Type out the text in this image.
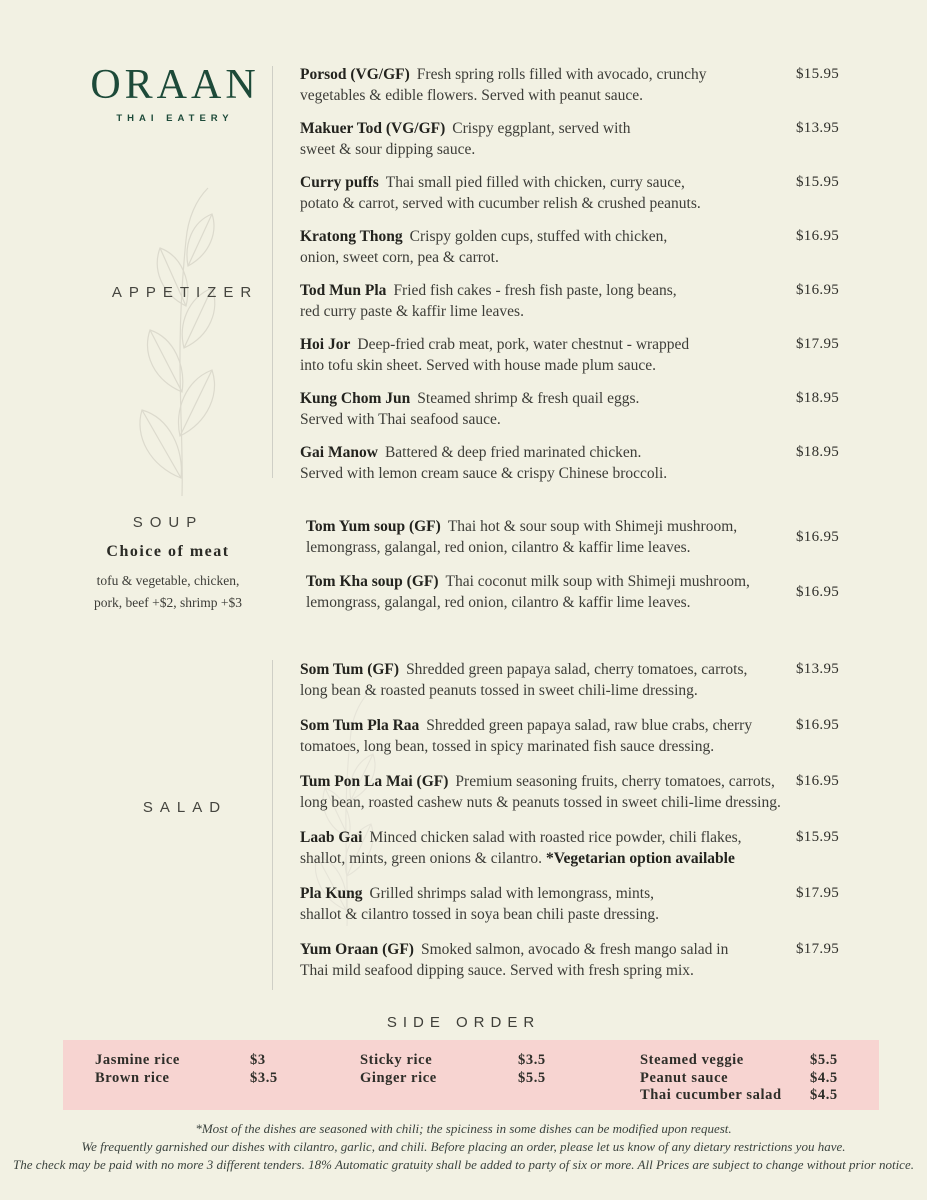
ORAAN
THAI EATERY
APPETIZER
SOUP
Choice of meat
tofu & vegetable, chicken,
pork, beef +$2, shrimp +$3
SALAD
Porsod (VG/GF) Fresh spring rolls filled with avocado, crunchy
vegetables & edible flowers. Served with peanut sauce.
$15.95
Makuer Tod (VG/GF) Crispy eggplant, served with
sweet & sour dipping sauce.
$13.95
Curry puffs Thai small pied filled with chicken, curry sauce,
potato & carrot, served with cucumber relish & crushed peanuts.
$15.95
Kratong Thong Crispy golden cups, stuffed with chicken,
onion, sweet corn, pea & carrot.
$16.95
Tod Mun Pla Fried fish cakes - fresh fish paste, long beans,
red curry paste & kaffir lime leaves.
$16.95
Hoi Jor Deep-fried crab meat, pork, water chestnut - wrapped
into tofu skin sheet. Served with house made plum sauce.
$17.95
Kung Chom Jun Steamed shrimp & fresh quail eggs.
Served with Thai seafood sauce.
$18.95
Gai Manow Battered & deep fried marinated chicken.
Served with lemon cream sauce & crispy Chinese broccoli.
$18.95
Tom Yum soup (GF) Thai hot & sour soup with Shimeji mushroom,
lemongrass, galangal, red onion, cilantro & kaffir lime leaves.
$16.95
Tom Kha soup (GF) Thai coconut milk soup with Shimeji mushroom,
lemongrass, galangal, red onion, cilantro & kaffir lime leaves.
$16.95
Som Tum (GF) Shredded green papaya salad, cherry tomatoes, carrots,
long bean & roasted peanuts tossed in sweet chili-lime dressing.
$13.95
Som Tum Pla Raa Shredded green papaya salad, raw blue crabs, cherry
tomatoes, long bean, tossed in spicy marinated fish sauce dressing.
$16.95
Tum Pon La Mai (GF) Premium seasoning fruits, cherry tomatoes, carrots,
long bean, roasted cashew nuts & peanuts tossed in sweet chili-lime dressing.
$16.95
Laab Gai Minced chicken salad with roasted rice powder, chili flakes,
shallot, mints, green onions & cilantro. *Vegetarian option available
$15.95
Pla Kung Grilled shrimps salad with lemongrass, mints,
shallot & cilantro tossed in soya bean chili paste dressing.
$17.95
Yum Oraan (GF) Smoked salmon, avocado & fresh mango salad in
Thai mild seafood dipping sauce. Served with fresh spring mix.
$17.95
SIDE ORDER
Jasmine rice	$3
Brown rice	$3.5
Sticky rice	$3.5
Ginger rice	$5.5
Steamed veggie	$5.5
Peanut sauce	$4.5
Thai cucumber salad	$4.5
*Most of the dishes are seasoned with chili; the spiciness in some dishes can be modified upon request.
We frequently garnished our dishes with cilantro, garlic, and chili. Before placing an order, please let us know of any dietary restrictions you have.
The check may be paid with no more 3 different tenders. 18% Automatic gratuity shall be added to party of six or more. All Prices are subject to change without prior notice.
